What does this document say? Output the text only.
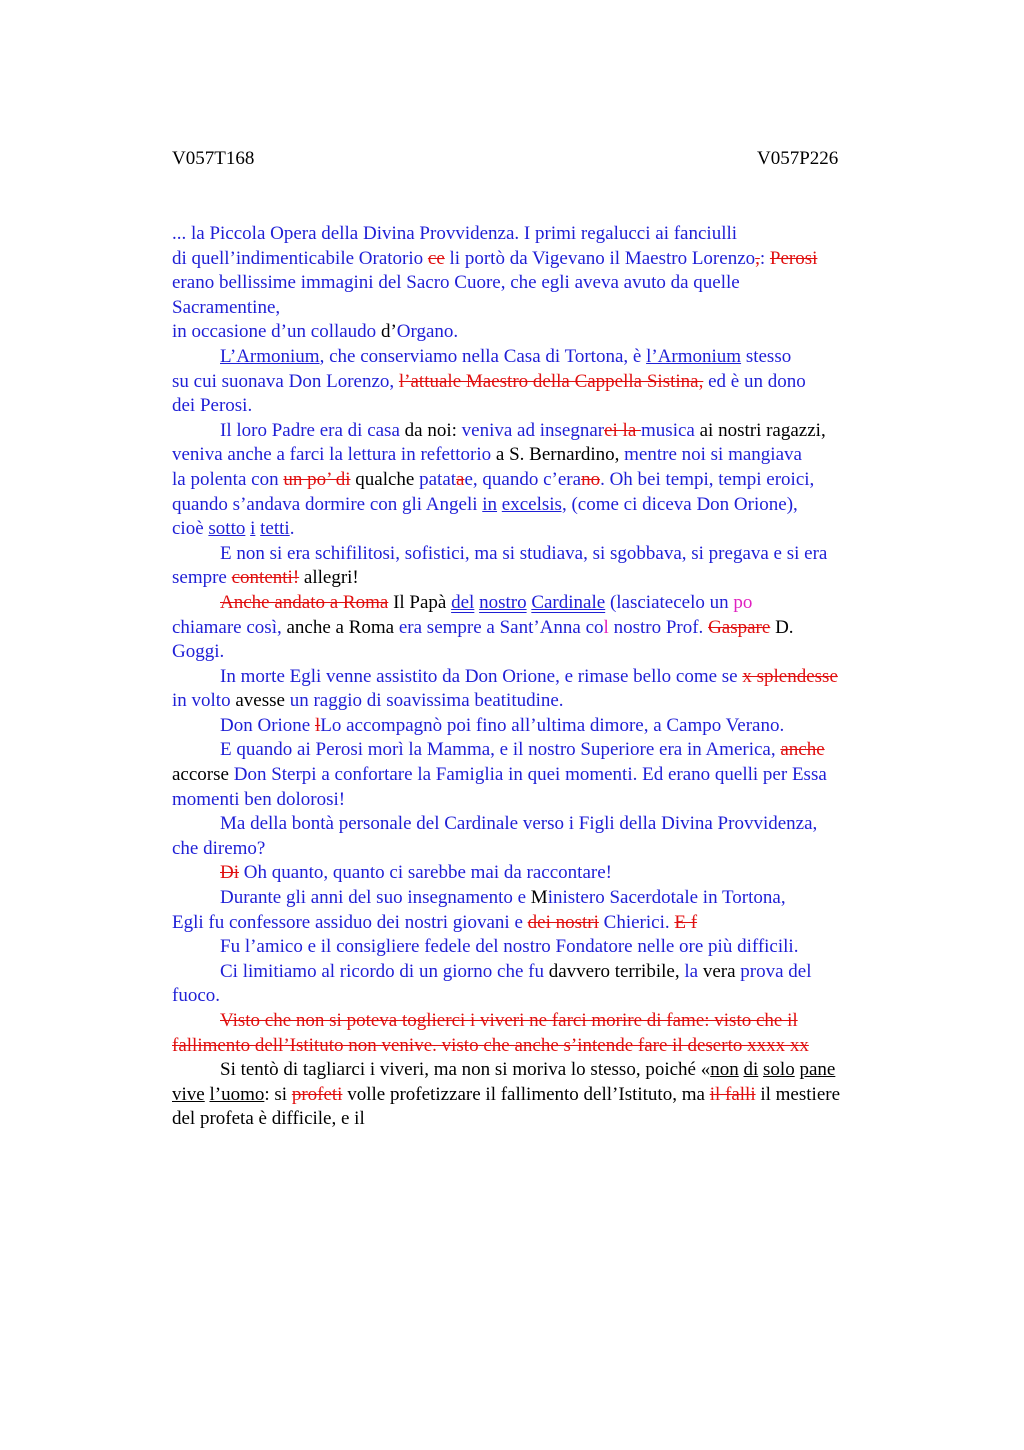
V057T168	V057P226
... la Piccola Opera della Divina Provvidenza. I primi regalucci ai fanciulli
di quell’indimenticabile Oratorio ce li portò da Vigevano il Maestro Lorenzo,: Perosi
erano bellissime immagini del Sacro Cuore, che egli aveva avuto da quelle
Sacramentine,
in occasione d’un collaudo d’Organo.
L’Armonium, che conserviamo nella Casa di Tortona, è l’Armonium stesso
su cui suonava Don Lorenzo, l’attuale Maestro della Cappella Sistina, ed è un dono
dei Perosi.
Il loro Padre era di casa da noi: veniva ad insegnarei la musica ai nostri ragazzi,
veniva anche a farci la lettura in refettorio a S. Bernardino, mentre noi si mangiava
la polenta con un po’ di qualche patatae, quando c’erano. Oh bei tempi, tempi eroici,
quando s’andava dormire con gli Angeli in excelsis, (come ci diceva Don Orione),
cioè sotto i tetti.
E non si era schifilitosi, sofistici, ma si studiava, si sgobbava, si pregava e si era
sempre contenti! allegri!
Anche andato a Roma Il Papà del nostro Cardinale (lasciatecelo un po
chiamare così, anche a Roma era sempre a Sant’Anna col nostro Prof. Gaspare D.
Goggi.
In morte Egli venne assistito da Don Orione, e rimase bello come se x splendesse
in volto avesse un raggio di soavissima beatitudine.
Don Orione lLo accompagnò poi fino all’ultima dimore, a Campo Verano.
E quando ai Perosi morì la Mamma, e il nostro Superiore era in America, anche
accorse Don Sterpi a confortare la Famiglia in quei momenti. Ed erano quelli per Essa
momenti ben dolorosi!
Ma della bontà personale del Cardinale verso i Figli della Divina Provvidenza,
che diremo?
Di Oh quanto, quanto ci sarebbe mai da raccontare!
Durante gli anni del suo insegnamento e Ministero Sacerdotale in Tortona,
Egli fu confessore assiduo dei nostri giovani e dei nostri Chierici. E f
Fu l’amico e il consigliere fedele del nostro Fondatore nelle ore più difficili.
Ci limitiamo al ricordo di un giorno che fu davvero terribile, la vera prova del
fuoco.
Visto che non si poteva toglierci i viveri ne farci morire di fame: visto che il
fallimento dell’Istituto non venive. visto che anche s’intende fare il deserto xxxx xx
Si tentò di tagliarci i viveri, ma non si moriva lo stesso, poiché «non di solo pane
vive l’uomo: si profeti volle profetizzare il fallimento dell’Istituto, ma il falli il mestiere
del profeta è difficile, e il
